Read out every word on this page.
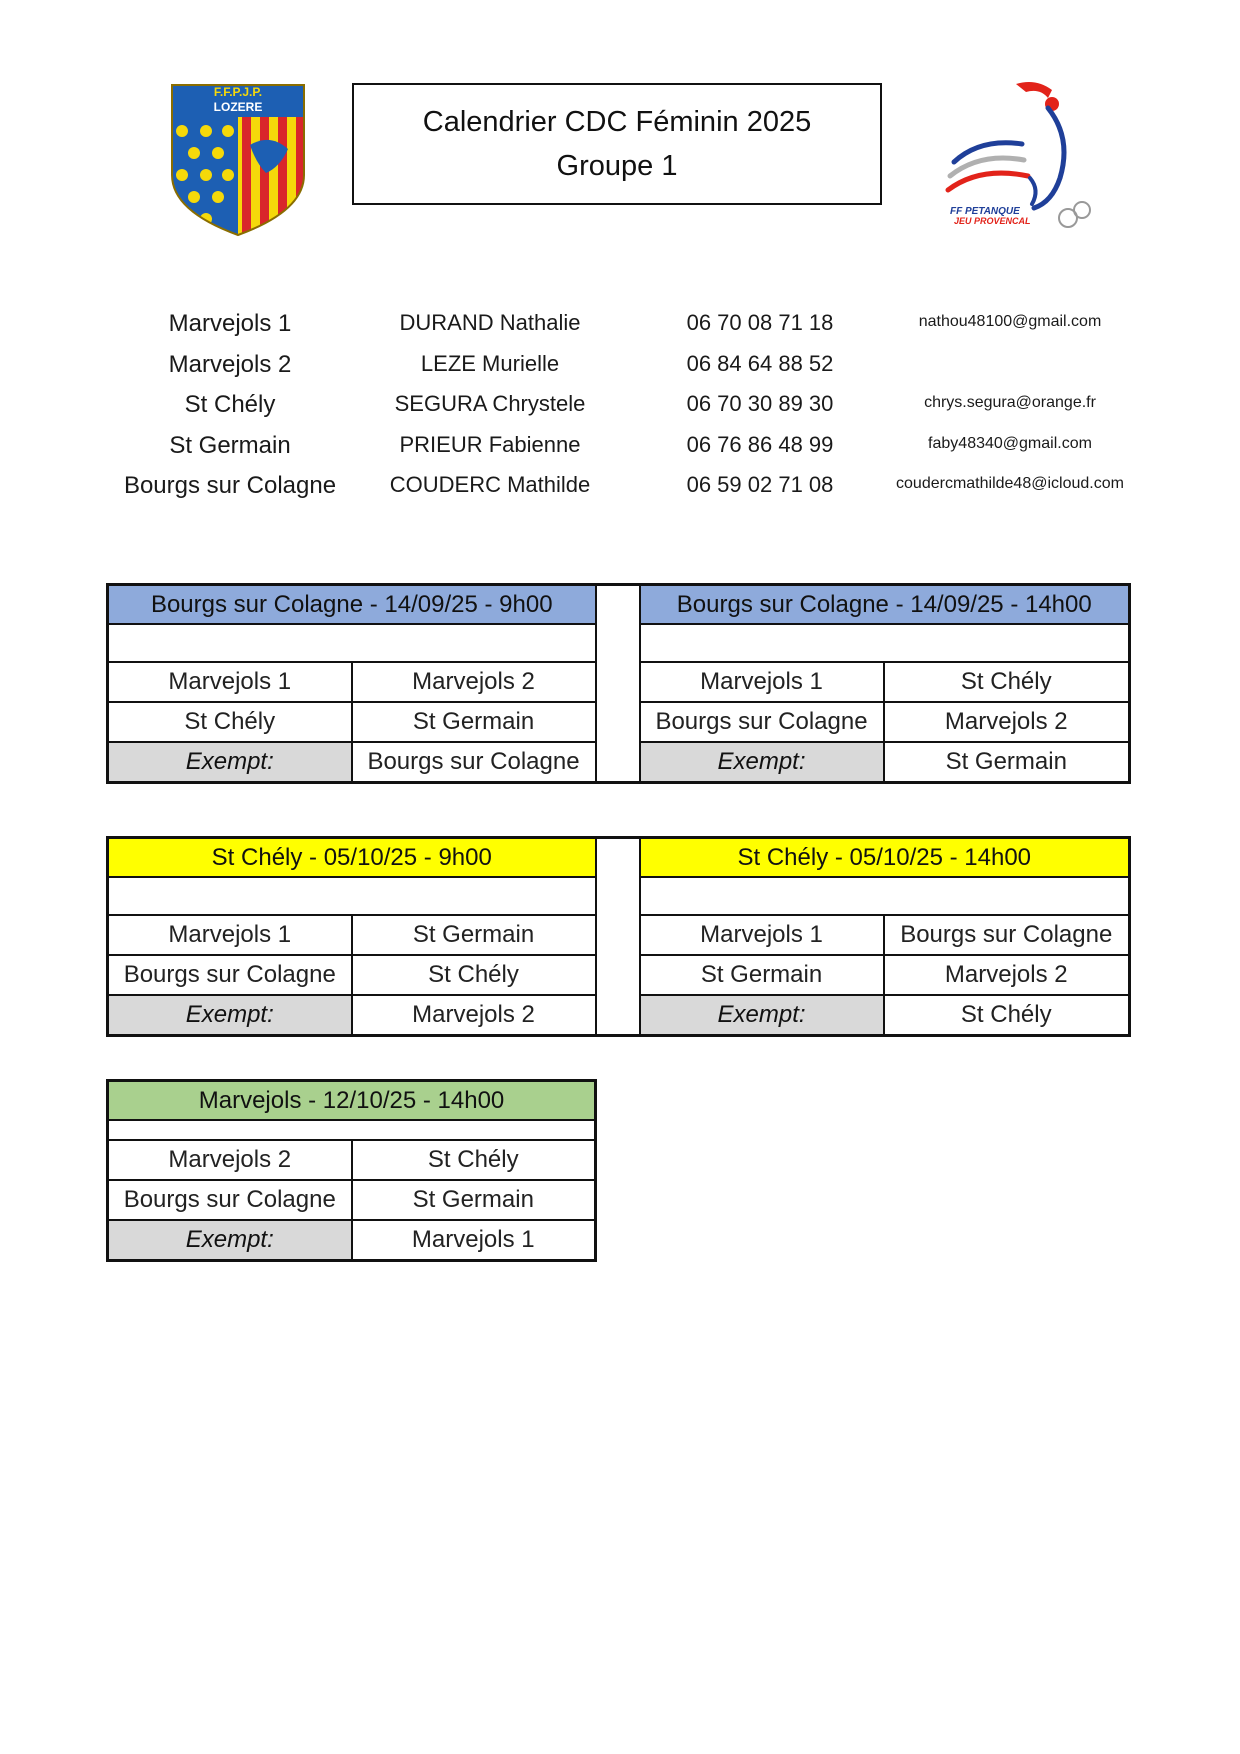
F.F.P.J.P.
LOZERE	Calendrier CDC Féminin 2025
Groupe 1
FF PETANQUE
JEU PROVENCAL
Marvejols 1	DURAND Nathalie	06 70 08 71 18	nathou48100@gmail.com
Marvejols 2	LEZE Murielle	06 84 64 88 52
St Chély	SEGURA Chrystele	06 70 30 89 30	chrys.segura@orange.fr
St Germain	PRIEUR Fabienne	06 76 86 48 99	faby48340@gmail.com
Bourgs sur Colagne	COUDERC Mathilde	06 59 02 71 08	coudercmathilde48@icloud.com
Bourgs sur Colagne - 14/09/25 - 9h00			Bourgs sur Colagne - 14/09/25 - 14h00	

Marvejols 1	Marvejols 2		Marvejols 1	St Chély
St Chély	St Germain		Bourgs sur Colagne	Marvejols 2
Exempt:	Bourgs sur Colagne		Exempt:	St Germain
St Chély - 05/10/25 - 9h00			St Chély - 05/10/25 - 14h00	

Marvejols 1	St Germain		Marvejols 1	Bourgs sur Colagne
Bourgs sur Colagne	St Chély		St Germain	Marvejols 2
Exempt:	Marvejols 2		Exempt:	St Chély
Marvejols - 12/10/25 - 14h00	

Marvejols 2	St Chély
Bourgs sur Colagne	St Germain
Exempt:	Marvejols 1
